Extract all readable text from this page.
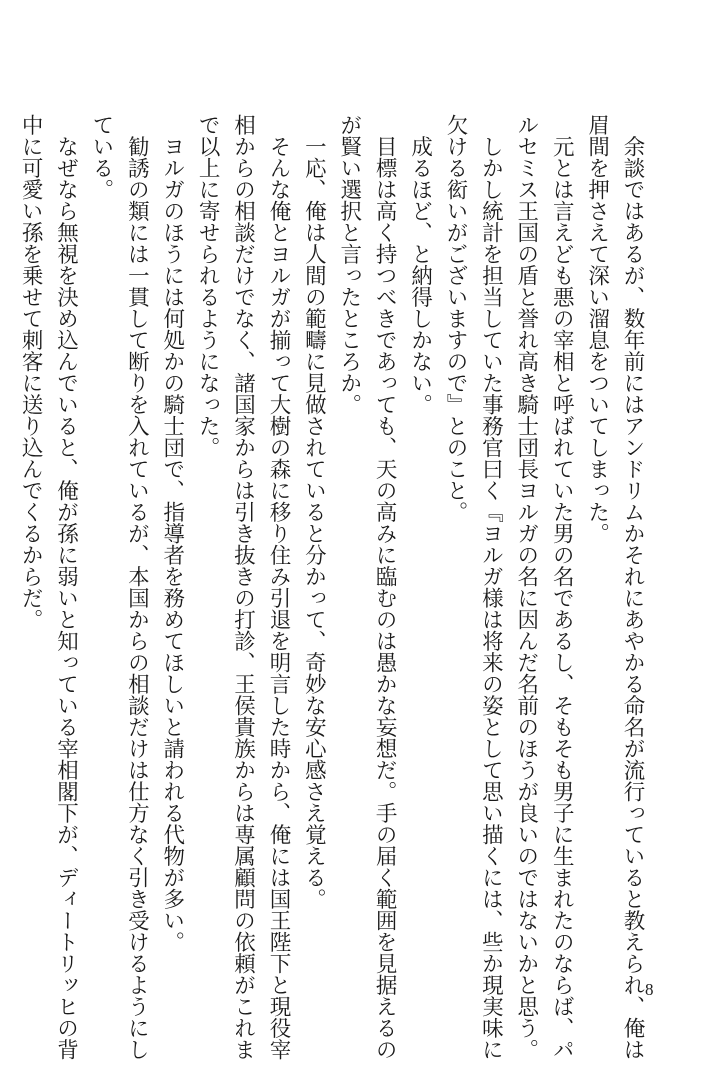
　余談ではあるが、数年前にはアンドリムかそれにあやかる命名が流行っていると教えられ、俺は

眉間を押さえて深い溜息をついてしまった。

　元とは言えども悪の宰相と呼ばれていた男の名であるし、そもそも男子に生まれたのならば、パ

ルセミス王国の盾と誉れ高き騎士団長ヨルガの名に因んだ名前のほうが良いのではないかと思う。

　しかし統計を担当していた事務官曰く『ヨルガ様は将来の姿として思い描くには、些か現実味に

欠ける衒いがございますので』とのこと。

　成るほど、と納得しかない。

　目標は高く持つべきであっても、天の高みに臨むのは愚かな妄想だ。手の届く範囲を見据えるの

が賢い選択と言ったところか。

　一応、俺は人間の範疇に見做されていると分かって、奇妙な安心感さえ覚える。

　そんな俺とヨルガが揃って大樹の森に移り住み引退を明言した時から、俺には国王陛下と現役宰

相からの相談だけでなく、諸国家からは引き抜きの打診、王侯貴族からは専属顧問の依頼がこれま

で以上に寄せられるようになった。

　ヨルガのほうには何処かの騎士団で、指導者を務めてほしいと請われる代物が多い。

　勧誘の類には一貫して断りを入れているが、本国からの相談だけは仕方なく引き受けるようにし

ている。

　なぜなら無視を決め込んでいると、俺が孫に弱いと知っている宰相閣下が、ディートリッヒの背

中に可愛い孫を乗せて刺客に送り込んでくるからだ。

8
